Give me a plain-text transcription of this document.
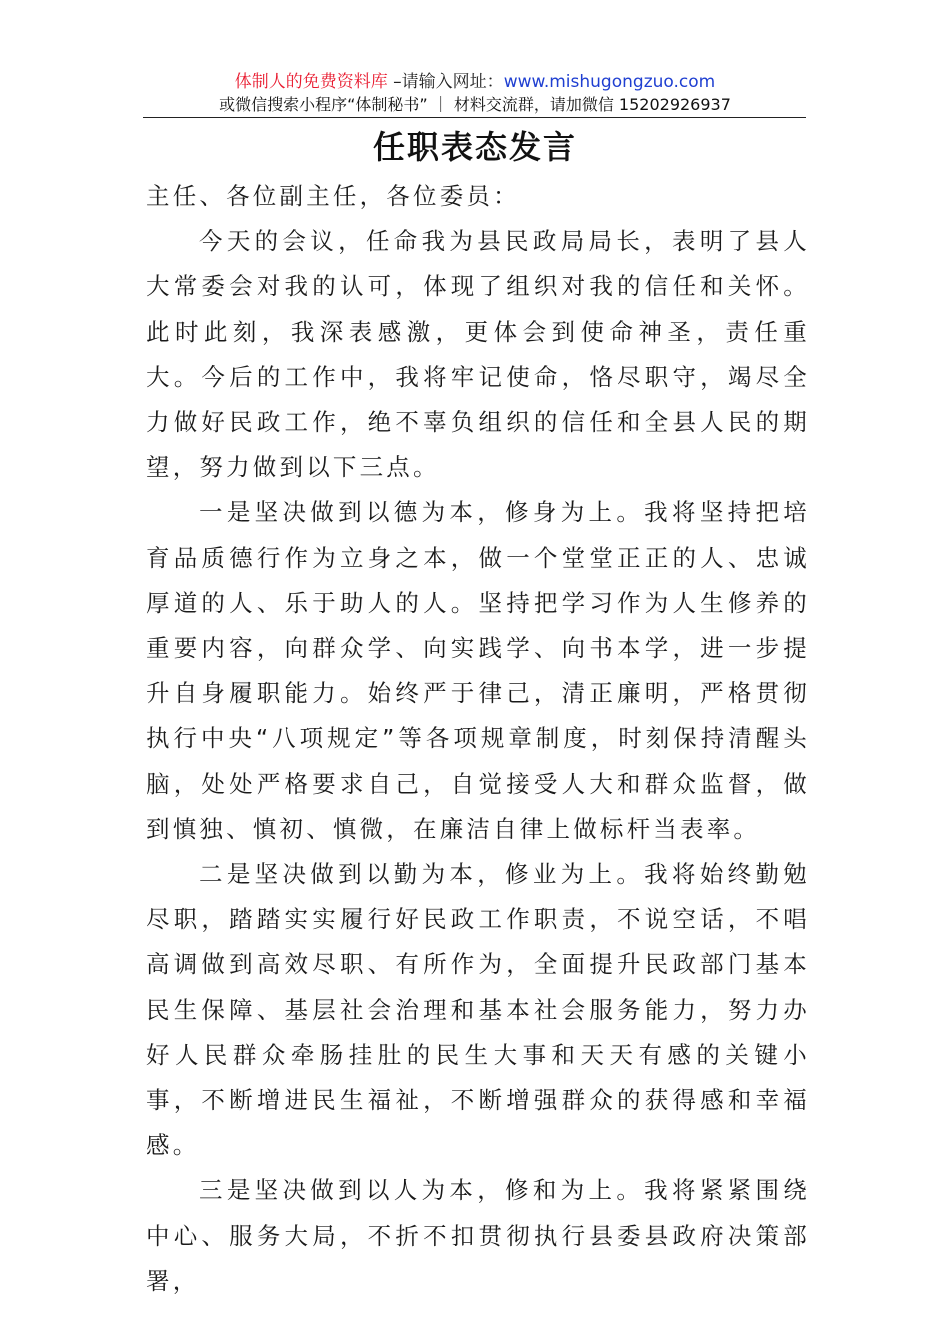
体制人的免费资料库 –请输入网址：www.mishugongzuo.com
或微信搜索小程序“体制秘书” ｜ 材料交流群，请加微信 15202926937
任职表态发言

主任、各位副主任，各位委员：

今天的会议，任命我为县民政局局长，表明了县人大常委会对我的认可，体现了组织对我的信任和关怀。此时此刻，我深表感激，更体会到使命神圣，责任重大。今后的工作中，我将牢记使命，恪尽职守，竭尽全力做好民政工作，绝不辜负组织的信任和全县人民的期望，努力做到以下三点。

一是坚决做到以德为本，修身为上。我将坚持把培育品质德行作为立身之本，做一个堂堂正正的人、忠诚厚道的人、乐于助人的人。坚持把学习作为人生修养的重要内容，向群众学、向实践学、向书本学，进一步提升自身履职能力。始终严于律己，清正廉明，严格贯彻执行中央“八项规定”等各项规章制度，时刻保持清醒头脑，处处严格要求自己，自觉接受人大和群众监督，做到慎独、慎初、慎微，在廉洁自律上做标杆当表率。

二是坚决做到以勤为本，修业为上。我将始终勤勉尽职，踏踏实实履行好民政工作职责，不说空话，不唱高调做到高效尽职、有所作为，全面提升民政部门基本民生保障、基层社会治理和基本社会服务能力，努力办好人民群众牵肠挂肚的民生大事和天天有感的关键小事，不断增进民生福祉，不断增强群众的获得感和幸福感。

三是坚决做到以人为本，修和为上。我将紧紧围绕中心、服务大局，不折不扣贯彻执行县委县政府决策部署，
